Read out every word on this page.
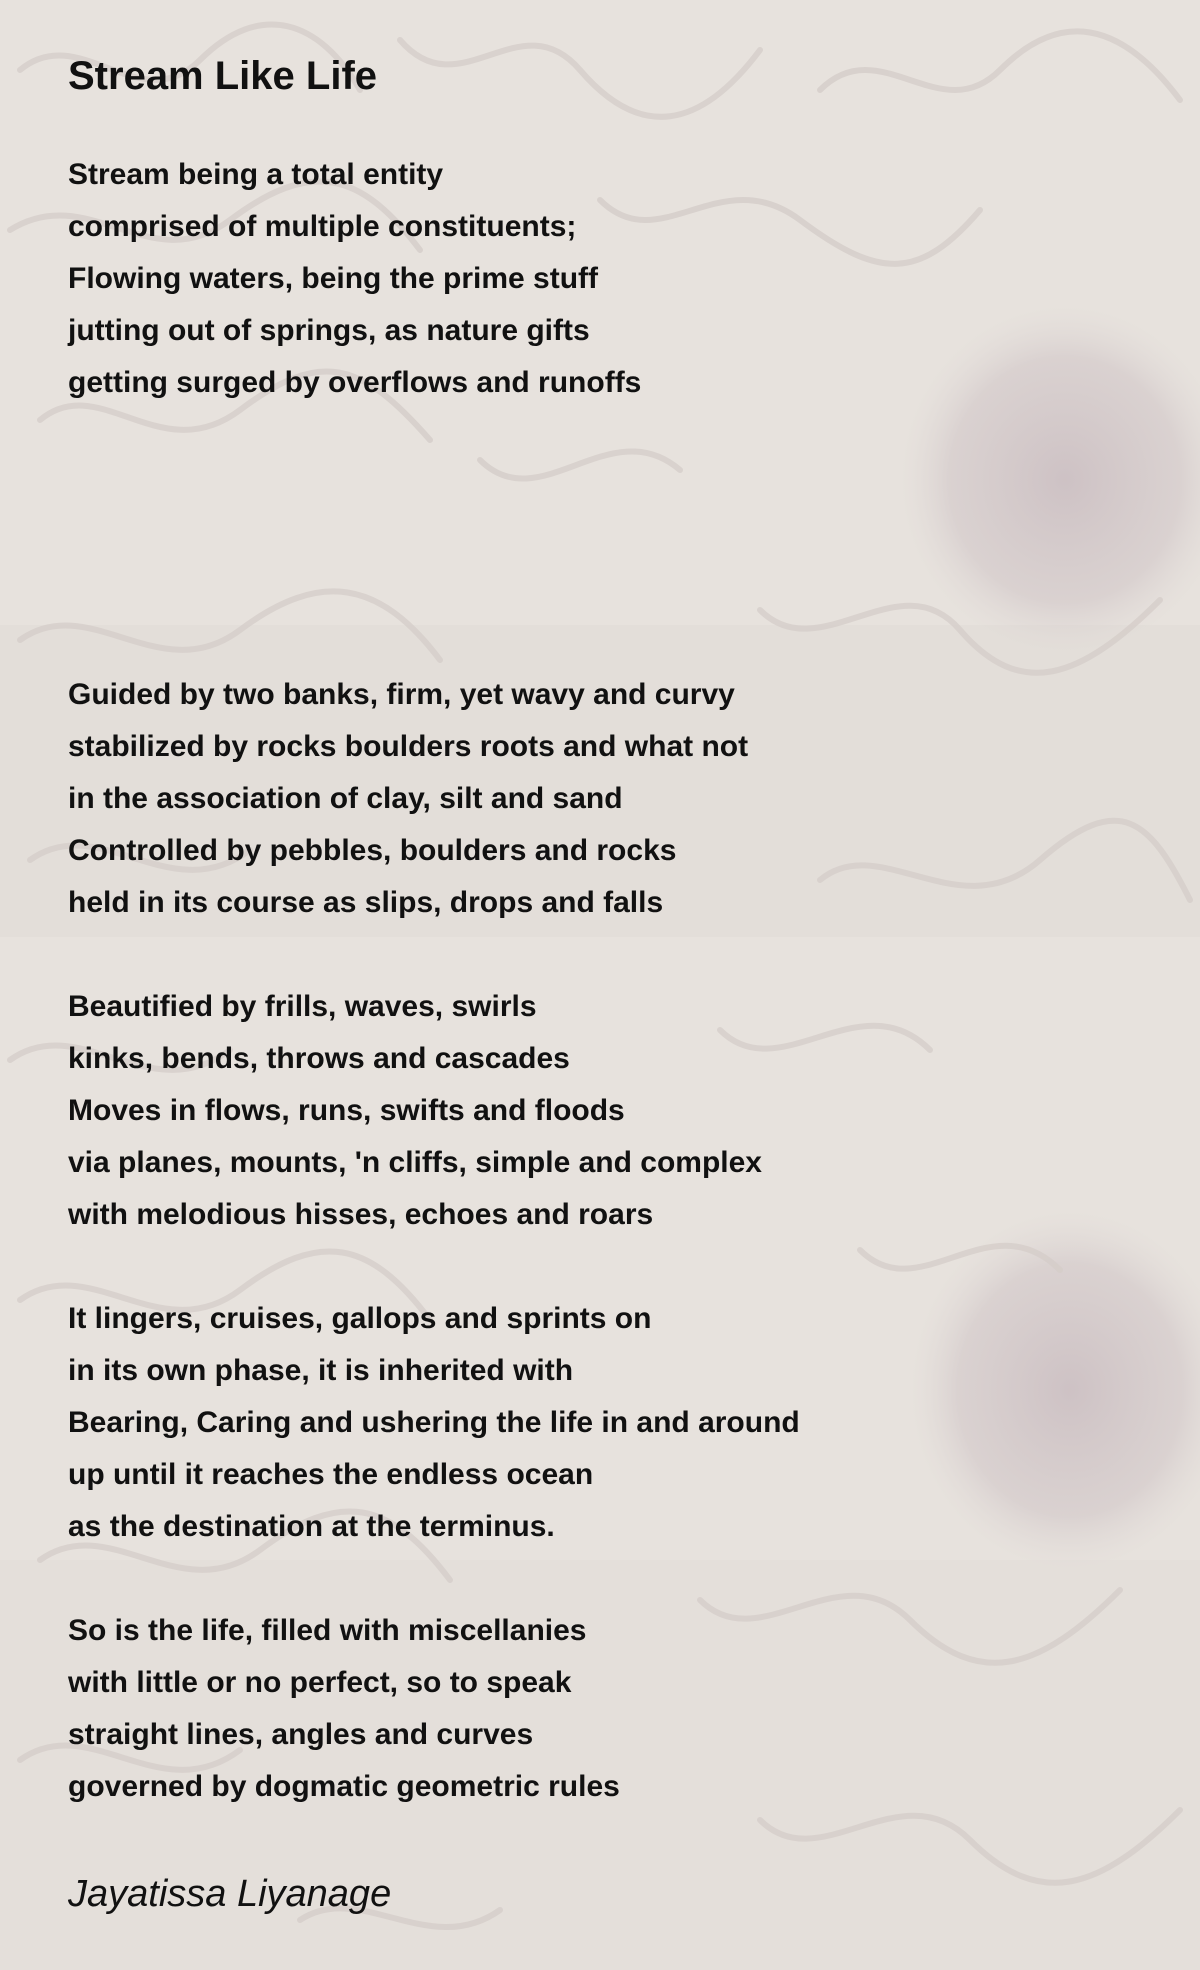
Stream Like Life

Stream being a total entity

comprised of multiple constituents;

Flowing waters, being the prime stuff

jutting out of springs, as nature gifts

getting surged by overflows and runoffs

Guided by two banks, firm, yet wavy and curvy

stabilized by rocks boulders roots and what not

in the association of clay, silt and sand

Controlled by pebbles, boulders and rocks

held in its course as slips, drops and falls

Beautified by frills, waves, swirls

kinks, bends, throws and cascades

Moves in flows, runs, swifts and floods

via planes, mounts, 'n cliffs, simple and complex

with melodious hisses, echoes and roars

It lingers, cruises, gallops and sprints on

in its own phase, it is inherited with

Bearing, Caring and ushering the life in and around

up until it reaches the endless ocean

as the destination at the terminus.

So is the life, filled with miscellanies

with little or no perfect, so to speak

straight lines, angles and curves

governed by dogmatic geometric rules

Jayatissa Liyanage
